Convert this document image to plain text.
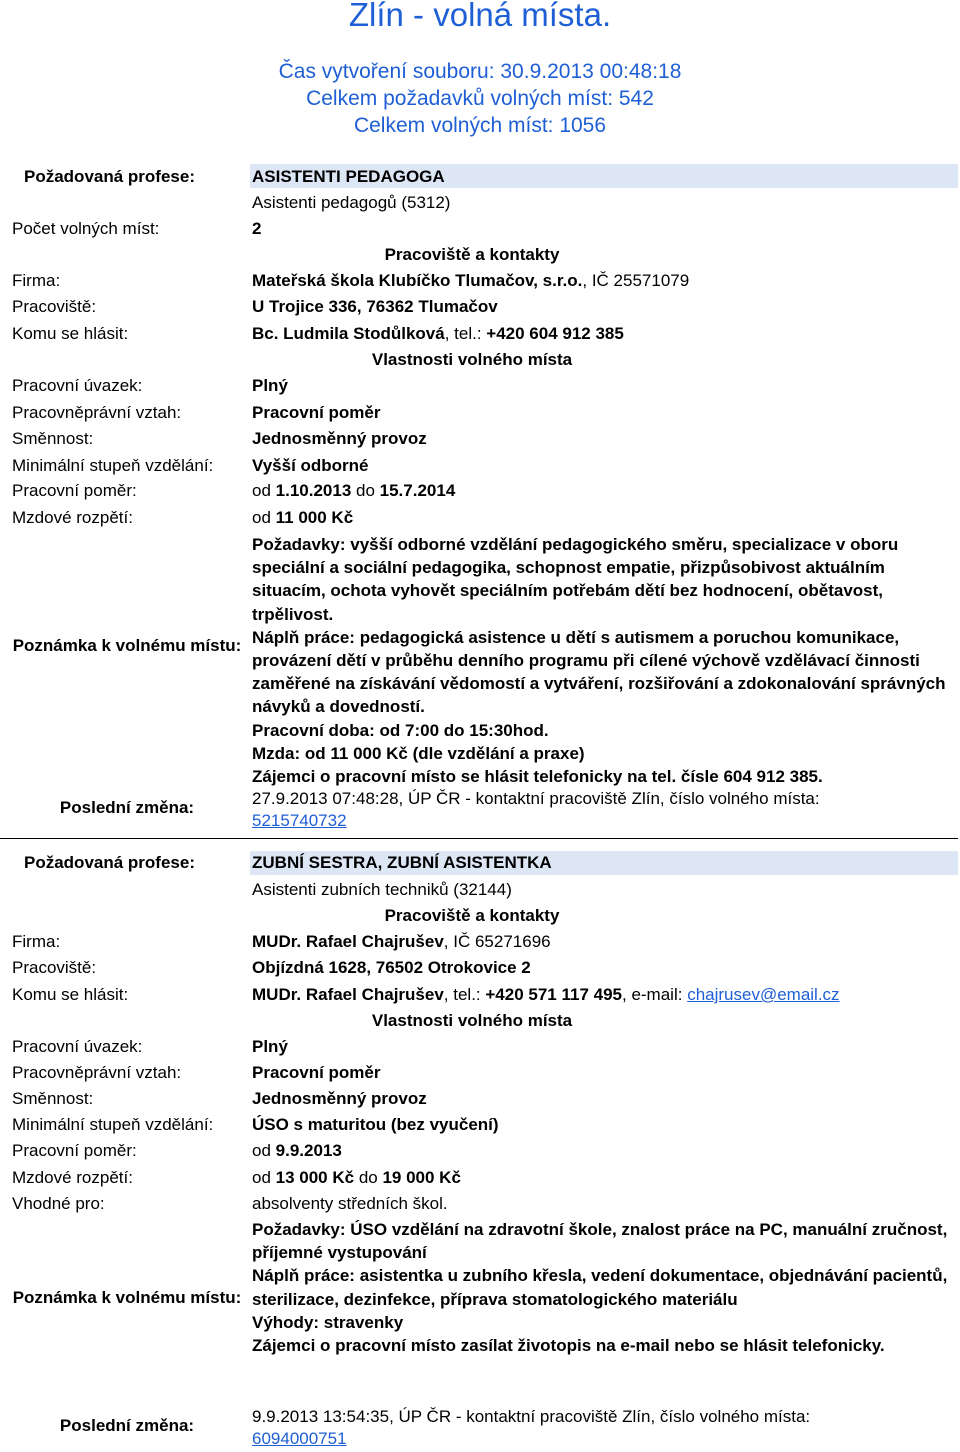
Zlín - volná místa.
Čas vytvoření souboru: 30.9.2013 00:48:18
Celkem požadavků volných míst: 542
Celkem volných míst: 1056
Požadovaná profese:	ASISTENTI PEDAGOGA
Asistenti pedagogů (5312)
Počet volných míst:	2
Pracoviště a kontakty
Firma:	Mateřská škola Klubíčko Tlumačov, s.r.o., IČ 25571079
Pracoviště:	U Trojice 336, 76362 Tlumačov
Komu se hlásit:	Bc. Ludmila Stodůlková, tel.: +420 604 912 385
Vlastnosti volného místa
Pracovní úvazek:	Plný
Pracovněprávní vztah:	Pracovní poměr
Směnnost:	Jednosměnný provoz
Minimální stupeň vzdělání: Vyšší odborné
Pracovní poměr:	od 1.10.2013 do 15.7.2014
Mzdové rozpětí:	od 11 000 Kč
Poznámka k volnému místu:
Požadavky: vyšší odborné vzdělání pedagogického směru, specializace v oboru speciální a sociální pedagogika, schopnost empatie, přizpůsobivost aktuálním situacím, ochota vyhovět speciálním potřebám dětí bez hodnocení, obětavost, trpělivost.
Náplň práce: pedagogická asistence u dětí s autismem a poruchou komunikace, provázení dětí v průběhu denního programu při cílené výchově vzdělávací činnosti zaměřené na získávání vědomostí a vytváření, rozšiřování a zdokonalování správných návyků a dovedností.
Pracovní doba: od 7:00 do 15:30hod.
Mzda: od 11 000 Kč (dle vzdělání a praxe)
Zájemci o pracovní místo se hlásit telefonicky na tel. čísle 604 912 385.
Poslední změna:	27.9.2013 07:48:28, ÚP ČR - kontaktní pracoviště Zlín, číslo volného místa:
5215740732
Požadovaná profese:	ZUBNÍ SESTRA, ZUBNÍ ASISTENTKA
Asistenti zubních techniků (32144)
Pracoviště a kontakty
Firma:	MUDr. Rafael Chajrušev, IČ 65271696
Pracoviště:	Objízdná 1628, 76502 Otrokovice 2
Komu se hlásit:	MUDr. Rafael Chajrušev, tel.: +420 571 117 495, e-mail: chajrusev@email.cz
Vlastnosti volného místa
Pracovní úvazek:	Plný
Pracovněprávní vztah:	Pracovní poměr
Směnnost:	Jednosměnný provoz
Minimální stupeň vzdělání: ÚSO s maturitou (bez vyučení)
Pracovní poměr:	od 9.9.2013
Mzdové rozpětí:	od 13 000 Kč do 19 000 Kč
Vhodné pro:	absolventy středních škol.
Poznámka k volnému místu:
Požadavky: ÚSO vzdělání na zdravotní škole, znalost práce na PC, manuální zručnost, příjemné vystupování
Náplň práce: asistentka u zubního křesla, vedení dokumentace, objednávání pacientů, sterilizace, dezinfekce, příprava stomatologického materiálu
Výhody: stravenky
Zájemci o pracovní místo zasílat životopis na e-mail nebo se hlásit telefonicky.
Poslední změna:	9.9.2013 13:54:35, ÚP ČR - kontaktní pracoviště Zlín, číslo volného místa:
6094000751
